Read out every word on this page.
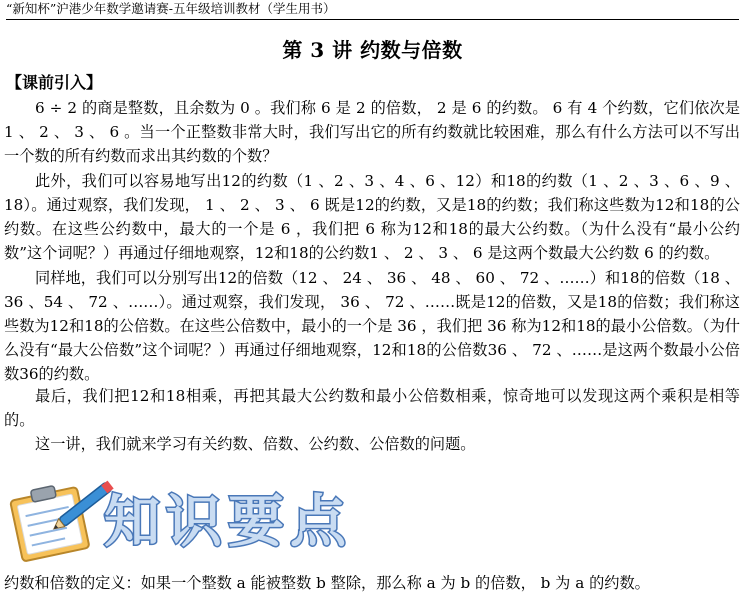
“新知杯”沪港少年数学邀请赛-五年级培训教材（学生用书）
第 3 讲 约数与倍数
【课前引入】

6 ÷ 2 的商是整数，且余数为 0 。我们称 6 是 2 的倍数， 2 是 6 的约数。 6 有 4 个约数，它们依次是 1 、 2 、 3 、 6 。当一个正整数非常大时，我们写出它的所有约数就比较困难，那么有什么方法可以不写出一个数的所有约数而求出其约数的个数？

此外，我们可以容易地写出12的约数（1 、2 、3 、4 、6 、12）和18的约数（1 、2 、3 、6 、9 、18）。通过观察，我们发现， 1 、 2 、 3 、 6 既是12的约数，又是18的约数；我们称这些数为12和18的公约数。在这些公约数中，最大的一个是 6 ，我们把 6 称为12和18的最大公约数。（为什么没有“最小公约数”这个词呢？）再通过仔细地观察，12和18的公约数1 、 2 、 3 、 6 是这两个数最大公约数 6 的约数。

同样地，我们可以分别写出12的倍数（12 、 24 、 36 、 48 、 60 、 72 、……）和18的倍数（18 、 36 、54 、 72 、……）。通过观察，我们发现， 36 、 72 、……既是12的倍数，又是18的倍数；我们称这些数为12和18的公倍数。在这些公倍数中，最小的一个是 36 ，我们把 36 称为12和18的最小公倍数。（为什么没有“最大公倍数”这个词呢？）再通过仔细地观察，12和18的公倍数36 、 72 、……是这两个数最小公倍数36的约数。

最后，我们把12和18相乘，再把其最大公约数和最小公倍数相乘，惊奇地可以发现这两个乘积是相等的。

这一讲，我们就来学习有关约数、倍数、公约数、公倍数的问题。

知识要点

约数和倍数的定义：如果一个整数 a 能被整数 b 整除，那么称 a 为 b 的倍数， b 为 a 的约数。
